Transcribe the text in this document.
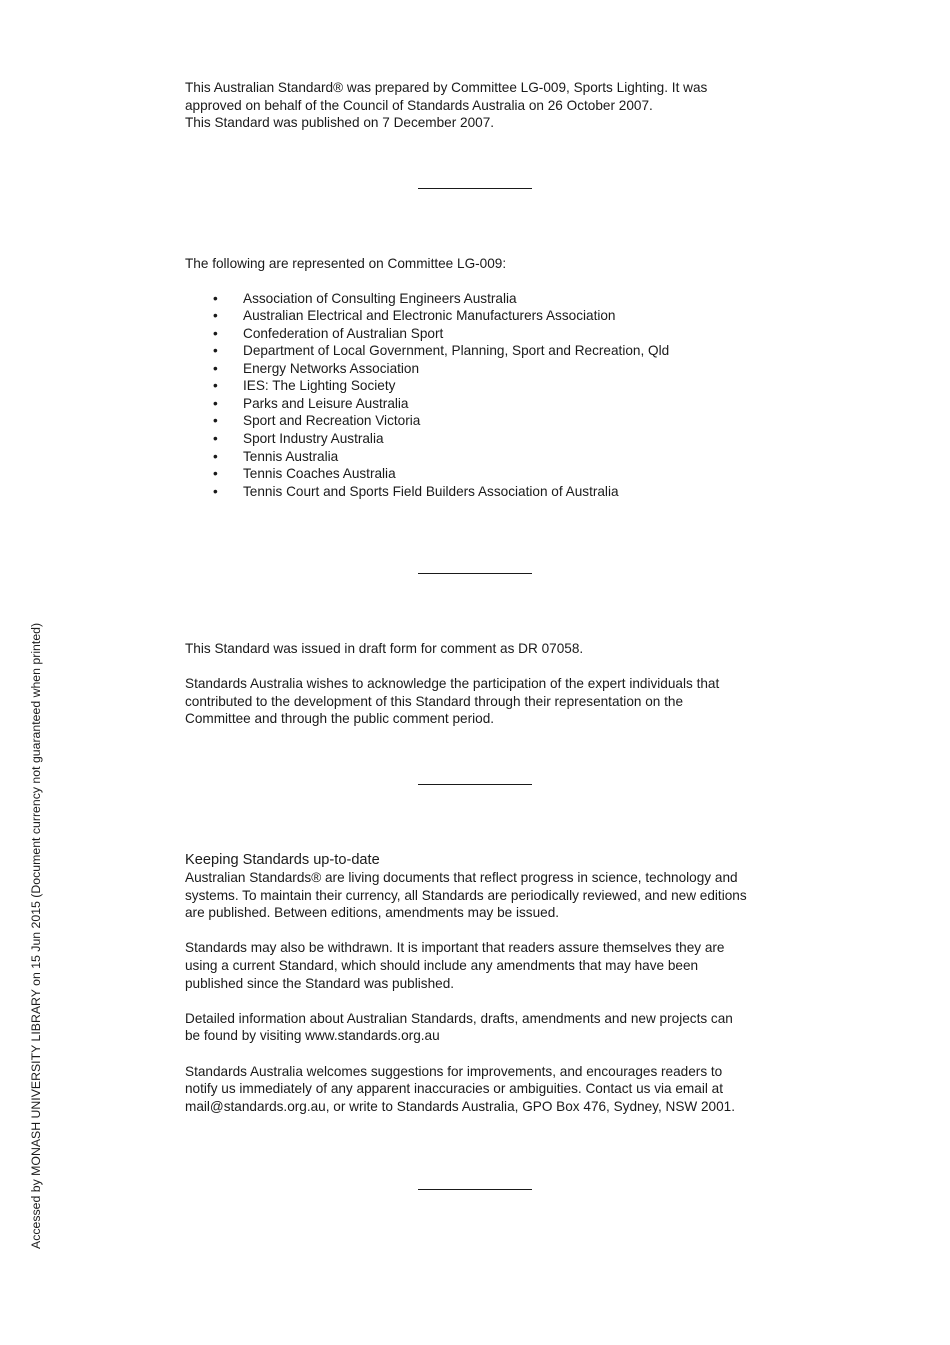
This Australian Standard® was prepared by Committee LG-009, Sports Lighting. It was

approved on behalf of the Council of Standards Australia on 26 October 2007.

This Standard was published on 7 December 2007.

The following are represented on Committee LG-009:

• Association of Consulting Engineers Australia
• Australian Electrical and Electronic Manufacturers Association
• Confederation of Australian Sport
• Department of Local Government, Planning, Sport and Recreation, Qld
• Energy Networks Association
• IES: The Lighting Society
• Parks and Leisure Australia
• Sport and Recreation Victoria
• Sport Industry Australia
• Tennis Australia
• Tennis Coaches Australia
• Tennis Court and Sports Field Builders Association of Australia

This Standard was issued in draft form for comment as DR 07058.

Standards Australia wishes to acknowledge the participation of the expert individuals that

contributed to the development of this Standard through their representation on the

Committee and through the public comment period.

Keeping Standards up-to-date

Australian Standards® are living documents that reflect progress in science, technology and

systems. To maintain their currency, all Standards are periodically reviewed, and new editions

are published. Between editions, amendments may be issued.

Standards may also be withdrawn. It is important that readers assure themselves they are

using a current Standard, which should include any amendments that may have been

published since the Standard was published.

Detailed information about Australian Standards, drafts, amendments and new projects can

be found by visiting www.standards.org.au

Standards Australia welcomes suggestions for improvements, and encourages readers to

notify us immediately of any apparent inaccuracies or ambiguities. Contact us via email at

mail@standards.org.au, or write to Standards Australia, GPO Box 476, Sydney, NSW 2001.

Accessed by MONASH UNIVERSITY LIBRARY on 15 Jun 2015 (Document currency not guaranteed when printed)
